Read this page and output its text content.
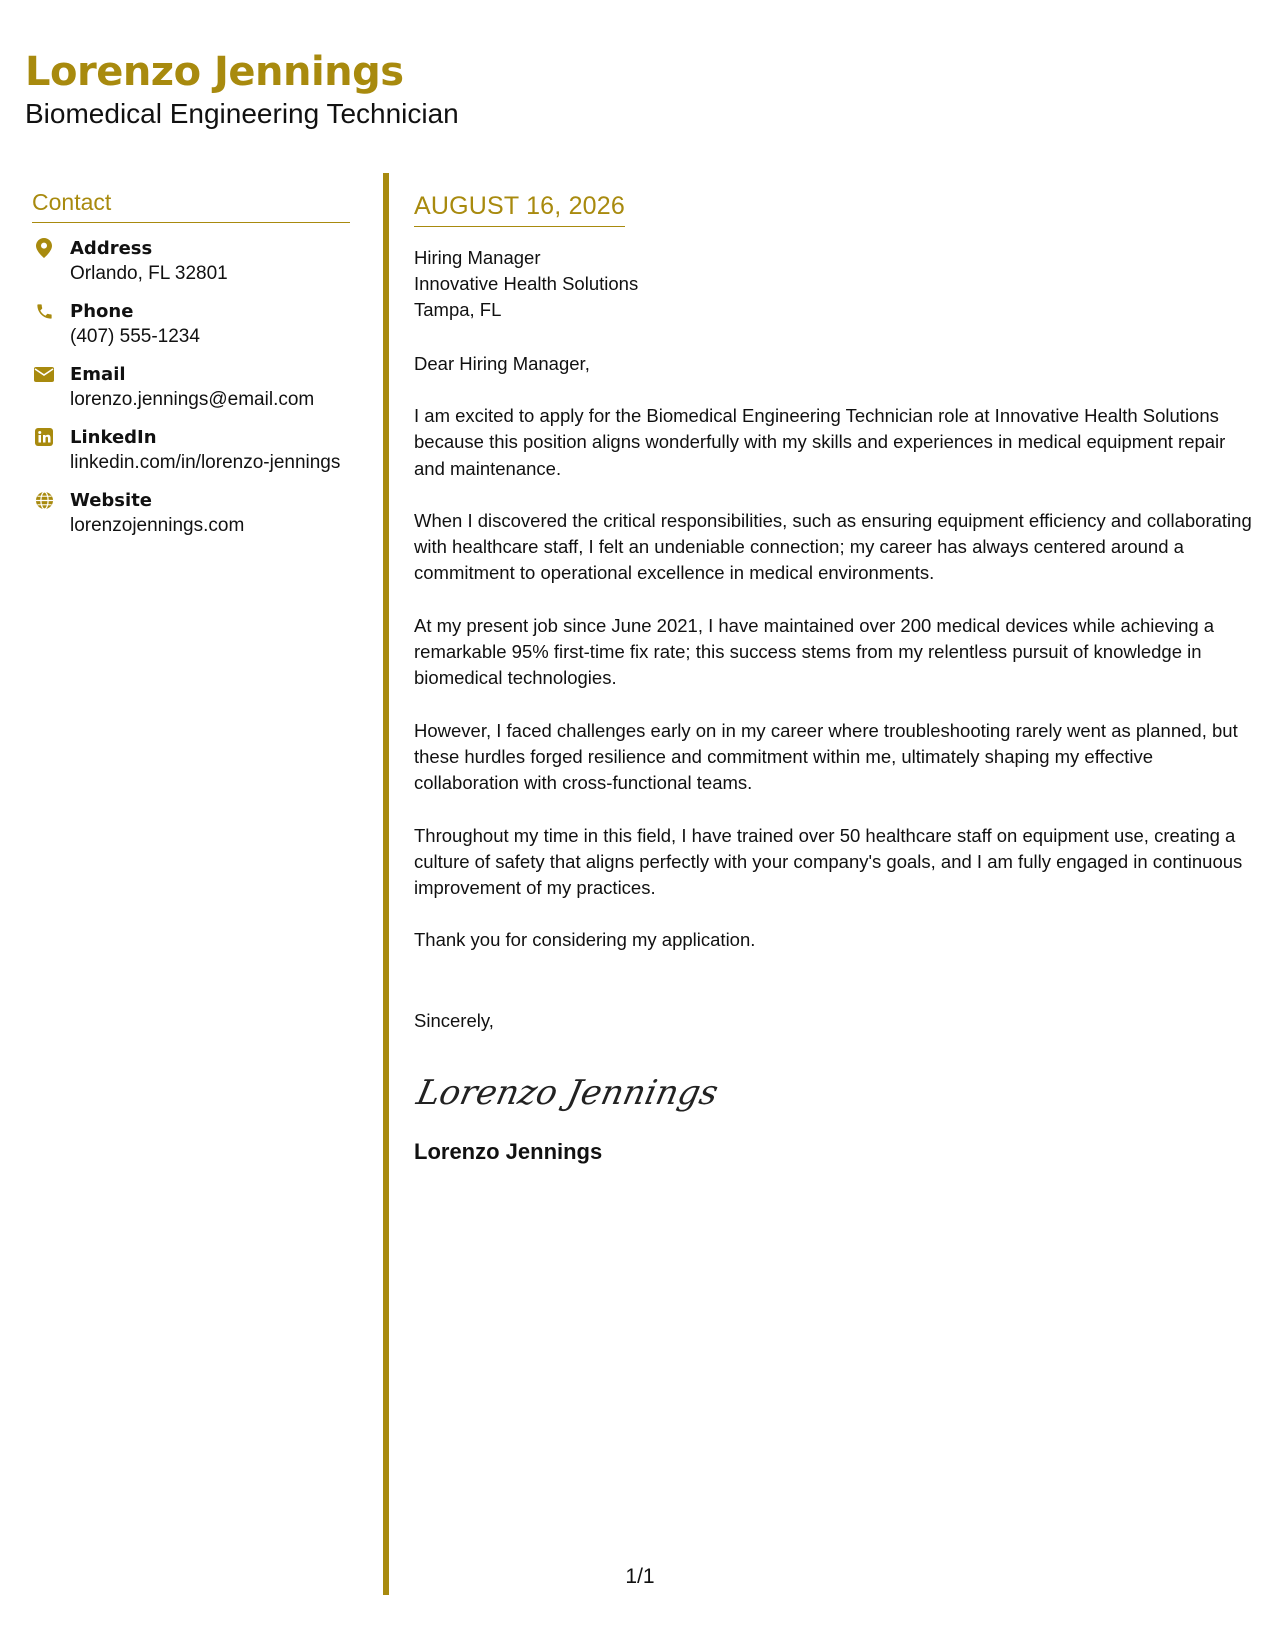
Lorenzo Jennings
Biomedical Engineering Technician
Contact
Address
Orlando, FL 32801
Phone
(407) 555-1234
Email
lorenzo.jennings@email.com
LinkedIn
linkedin.com/in/lorenzo-jennings
Website
lorenzojennings.com
AUGUST 16, 2026
Hiring Manager
Innovative Health Solutions
Tampa, FL
Dear Hiring Manager,
I am excited to apply for the Biomedical Engineering Technician role at Innovative Health Solutions because this position aligns wonderfully with my skills and experiences in medical equipment repair and maintenance.
When I discovered the critical responsibilities, such as ensuring equipment efficiency and collaborating with healthcare staff, I felt an undeniable connection; my career has always centered around a commitment to operational excellence in medical environments.
At my present job since June 2021, I have maintained over 200 medical devices while achieving a remarkable 95% first-time fix rate; this success stems from my relentless pursuit of knowledge in biomedical technologies.
However, I faced challenges early on in my career where troubleshooting rarely went as planned, but these hurdles forged resilience and commitment within me, ultimately shaping my effective collaboration with cross-functional teams.
Throughout my time in this field, I have trained over 50 healthcare staff on equipment use, creating a culture of safety that aligns perfectly with your company's goals, and I am fully engaged in continuous improvement of my practices.
Thank you for considering my application.
Sincerely,
Lorenzo Jennings
Lorenzo Jennings
1/1
